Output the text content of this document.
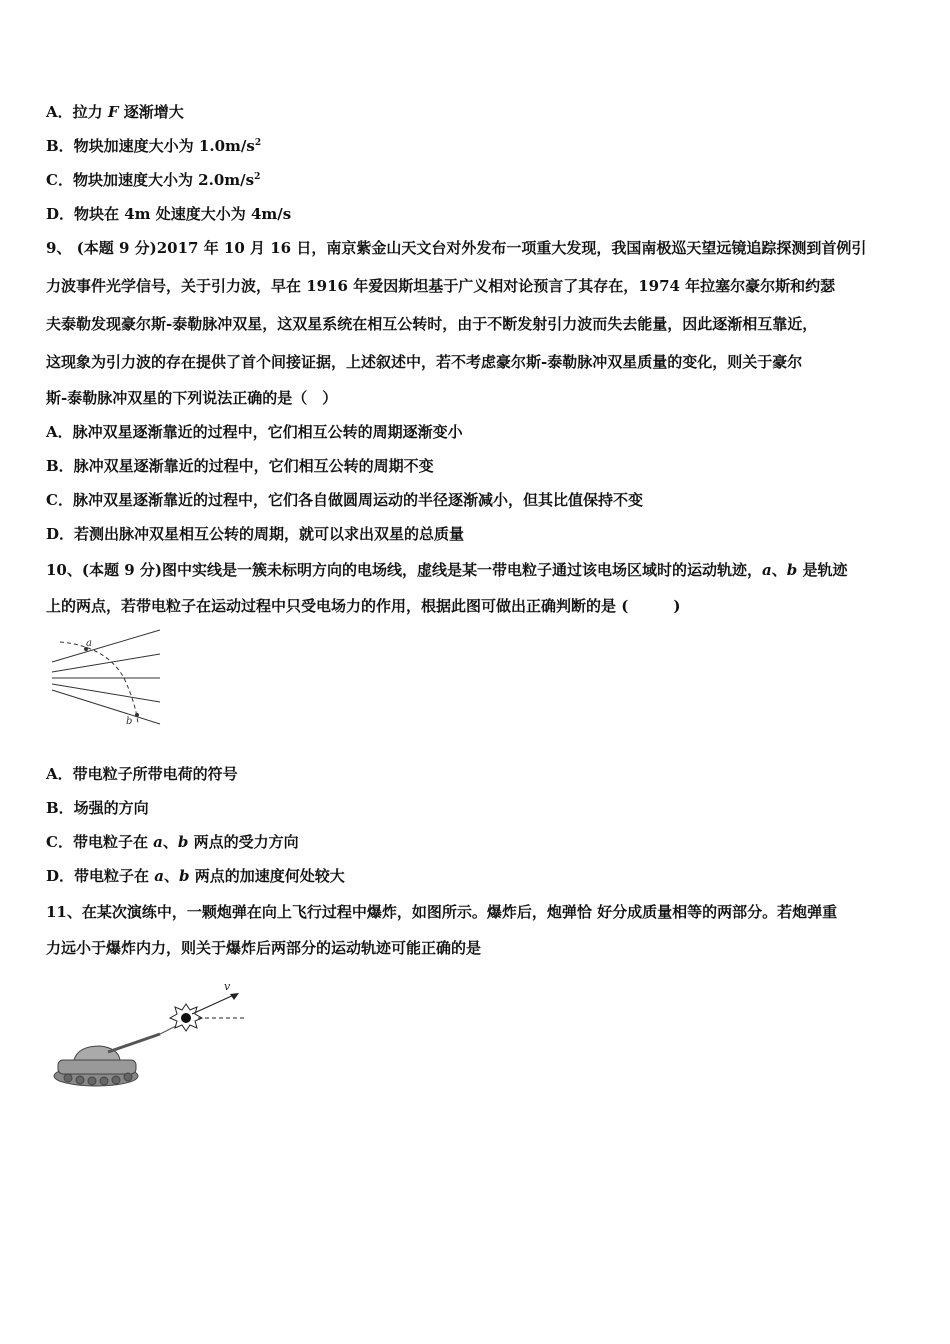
A．拉力 F 逐渐增大
B．物块加速度大小为 $1.0m/s^2$
C．物块加速度大小为 $2.0m/s^2$
D．物块在 4m 处速度大小为 4m/s
9、 (本题 9 分)2017 年 10 月 16 日，南京紫金山天文台对外发布一项重大发现，我国南极巡天望远镜追踪探测到首例引
力波事件光学信号，关于引力波，早在 1916 年爱因斯坦基于广义相对论预言了其存在，1974 年拉塞尔豪尔斯和约瑟
夫泰勒发现豪尔斯-泰勒脉冲双星，这双星系统在相互公转时，由于不断发射引力波而失去能量，因此逐渐相互靠近，
这现象为引力波的存在提供了首个间接证据，上述叙述中，若不考虑豪尔斯-泰勒脉冲双星质量的变化，则关于豪尔
斯-泰勒脉冲双星的下列说法正确的是（　）
A．脉冲双星逐渐靠近的过程中，它们相互公转的周期逐渐变小
B．脉冲双星逐渐靠近的过程中，它们相互公转的周期不变
C．脉冲双星逐渐靠近的过程中，它们各自做圆周运动的半径逐渐减小，但其比值保持不变
D．若测出脉冲双星相互公转的周期，就可以求出双星的总质量
10、(本题 9 分)图中实线是一簇未标明方向的电场线，虚线是某一带电粒子通过该电场区域时的运动轨迹，a、b 是轨迹
上的两点，若带电粒子在运动过程中只受电场力的作用，根据此图可做出正确判断的是 (　　　)
a
b
A．带电粒子所带电荷的符号
B．场强的方向
C．带电粒子在 a、b 两点的受力方向
D．带电粒子在 a、b 两点的加速度何处较大
11、在某次演练中，一颗炮弹在向上飞行过程中爆炸，如图所示。爆炸后，炮弹恰 好分成质量相等的两部分。若炮弹重
力远小于爆炸内力，则关于爆炸后两部分的运动轨迹可能正确的是
v
